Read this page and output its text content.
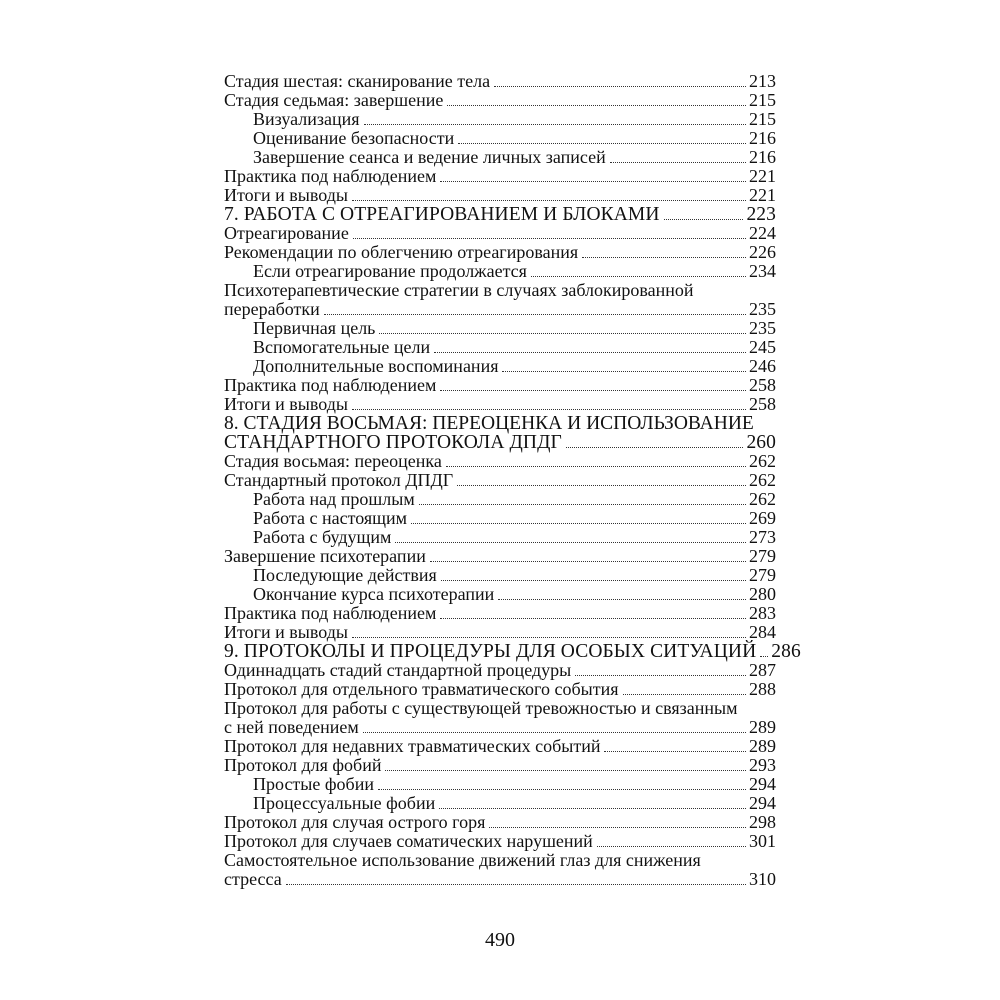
Стадия шестая: сканирование тела	213
Стадия седьмая: завершение	215
Визуализация	215
Оценивание безопасности	216
Завершение сеанса и ведение личных записей	216
Практика под наблюдением	221
Итоги и выводы	221
7. РАБОТА С ОТРЕАГИРОВАНИЕМ И БЛОКАМИ	223
Отреагирование	224
Рекомендации по облегчению отреагирования	226
Если отреагирование продолжается	234
Психотерапевтические стратегии в случаях заблокированной
переработки	235
Первичная цель	235
Вспомогательные цели	245
Дополнительные воспоминания	246
Практика под наблюдением	258
Итоги и выводы	258
8. СТАДИЯ ВОСЬМАЯ: ПЕРЕОЦЕНКА И ИСПОЛЬЗОВАНИЕ
СТАНДАРТНОГО ПРОТОКОЛА ДПДГ	260
Стадия восьмая: переоценка	262
Стандартный протокол ДПДГ	262
Работа над прошлым	262
Работа с настоящим	269
Работа с будущим	273
Завершение психотерапии	279
Последующие действия	279
Окончание курса психотерапии	280
Практика под наблюдением	283
Итоги и выводы	284
9. ПРОТОКОЛЫ И ПРОЦЕДУРЫ ДЛЯ ОСОБЫХ СИТУАЦИЙ 286
Одиннадцать стадий стандартной процедуры	287
Протокол для отдельного травматического события	288
Протокол для работы с существующей тревожностью и связанным
с ней поведением	289
Протокол для недавних травматических событий	289
Протокол для фобий	293
Простые фобии	294
Процессуальные фобии	294
Протокол для случая острого горя	298
Протокол для случаев соматических нарушений	301
Самостоятельное использование движений глаз для снижения
стресса	310
490
